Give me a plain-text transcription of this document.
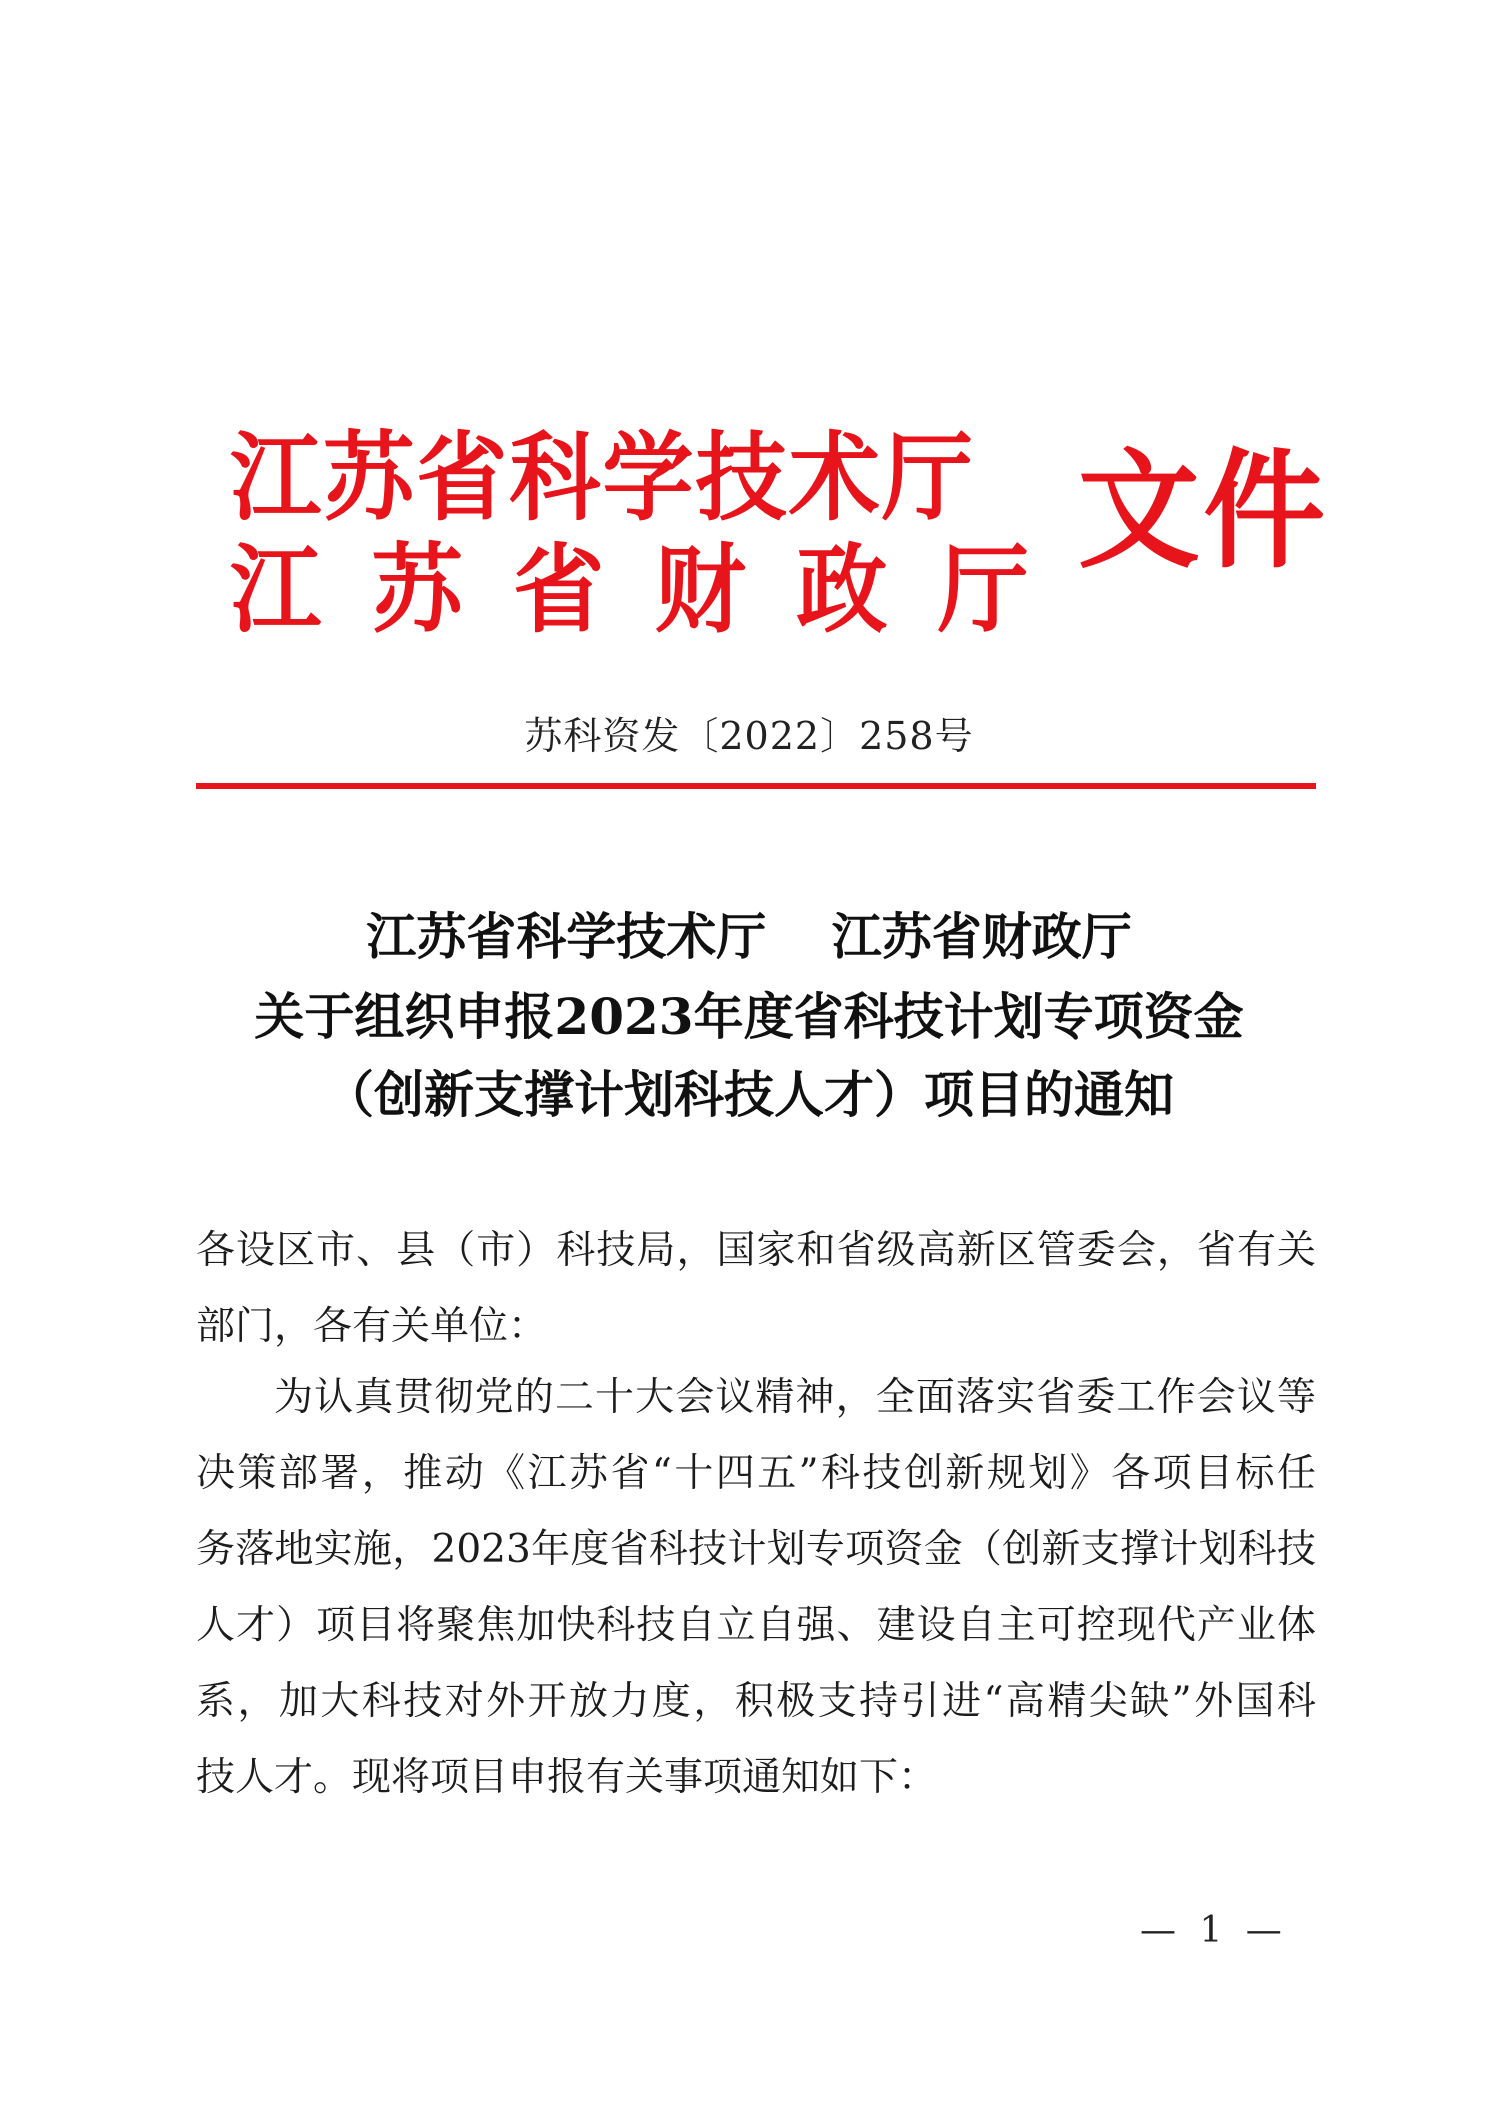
江苏省科学技术厅
江苏省财政厅
文件
苏科资发〔2022〕258号
江苏省科学技术厅 江苏省财政厅
关于组织申报2023年度省科技计划专项资金
（创新支撑计划科技人才）项目的通知
各设区市、县（市）科技局，国家和省级高新区管委会，省有关
部门，各有关单位：
为认真贯彻党的二十大会议精神，全面落实省委工作会议等
决策部署，推动《江苏省“十四五”科技创新规划》各项目标任
务落地实施，2023年度省科技计划专项资金（创新支撑计划科技
人才）项目将聚焦加快科技自立自强、建设自主可控现代产业体
系，加大科技对外开放力度，积极支持引进“高精尖缺”外国科
技人才。现将项目申报有关事项通知如下：
— 1 —
